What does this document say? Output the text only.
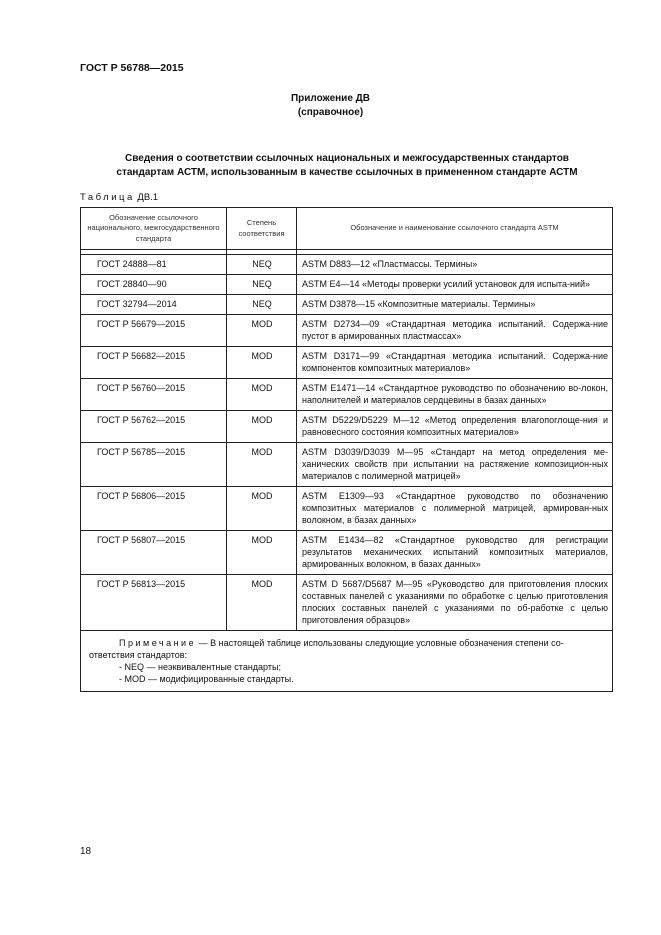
ГОСТ Р 56788—2015
Приложение ДВ
(справочное)
Сведения о соответствии ссылочных национальных и межгосударственных стандартов
стандартам АСТМ, использованным в качестве ссылочных в примененном стандарте АСТМ
Таблица ДВ.1
Обозначение ссылочного национального, межгосударственного стандарта	Степень соответствия	Обозначение и наименование ссылочного стандарта ASTM

ГОСТ 24888—81	NEQ	ASTM D883—12 «Пластмассы. Термины»
ГОСТ 28840—90	NEQ	ASTM E4—14 «Методы проверки усилий установок для испыта-ний»
ГОСТ 32794—2014	NEQ	ASTM D3878—15 «Композитные материалы. Термины»
ГОСТ Р 56679—2015	MOD	ASTM D2734—09 «Стандартная методика испытаний. Содержа-ние пустот в армированных пластмассах»
ГОСТ Р 56682—2015	MOD	ASTM D3171—99 «Стандартная методика испытаний. Содержа-ние компонентов композитных материалов»
ГОСТ Р 56760—2015	MOD	ASTM E1471—14 «Стандартное руководство по обозначению во-локон, наполнителей и материалов сердцевины в базах данных»
ГОСТ Р 56762—2015	MOD	ASTM D5229/D5229 M—12 «Метод определения влагопоглоще-ния и равновесного состояния композитных материалов»
ГОСТ Р 56785—2015	MOD	ASTM D3039/D3039 M—95 «Стандарт на метод определения ме-ханических свойств при испытании на растяжение композицион-ных материалов с полимерной матрицей»
ГОСТ Р 56806—2015	MOD	ASTM E1309—93 «Стандартное руководство по обозначению композитных материалов с полимерной матрицей, армирован-ных волокном, в базах данных»
ГОСТ Р 56807—2015	MOD	ASTM E1434—82 «Стандартное руководство для регистрации результатов механических испытаний композитных материалов, армированных волокном, в базах данных»
ГОСТ Р 56813—2015	MOD	ASTM D 5687/D5687 M—95 «Руководство для приготовления плоских составных панелей с указаниями по обработке с целью приготовления плоских составных панелей с указаниями по об-работке с целью приготовления образцов»

Примечание — В настоящей таблице использованы следующие условные обозначения степени со-ответствия стандартов:
- NEQ — неэквивалентные стандарты;
- MOD — модифицированные стандарты.		
18
